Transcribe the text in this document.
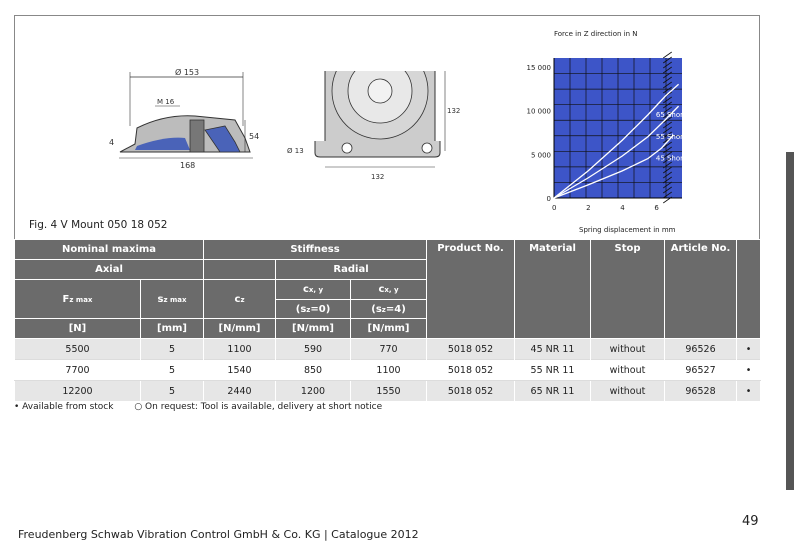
Ø 153
M 16
54
4
168
Ø 13
132
132
Force in Z direction in N
Spring displacement in mm
0	2	4	6
0
5 000
10 000
15 000
45 Shore
55 Shore
65 Shore
Fig. 4 V Mount 050 18 052
Nominal maxima		Stiffness			Product No.	Material	Stop	Article No.	
Axial			Radial						
Fz max	sz max	cz	cx, y	cx, y					
			(sz=0)	(sz=4)					
[N]	[mm]	[N/mm]	[N/mm]	[N/mm]					
5500	5	1100	590	770	5018 052	45 NR 11	without	96526	•
7700	5	1540	850	1100	5018 052	55 NR 11	without	96527	•
12200	5	2440	1200	1550	5018 052	65 NR 11	without	96528	•
• Available from stock ○ On request: Tool is available, delivery at short notice
Freudenberg Schwab Vibration Control GmbH & Co. KG | Catalogue 2012
49
